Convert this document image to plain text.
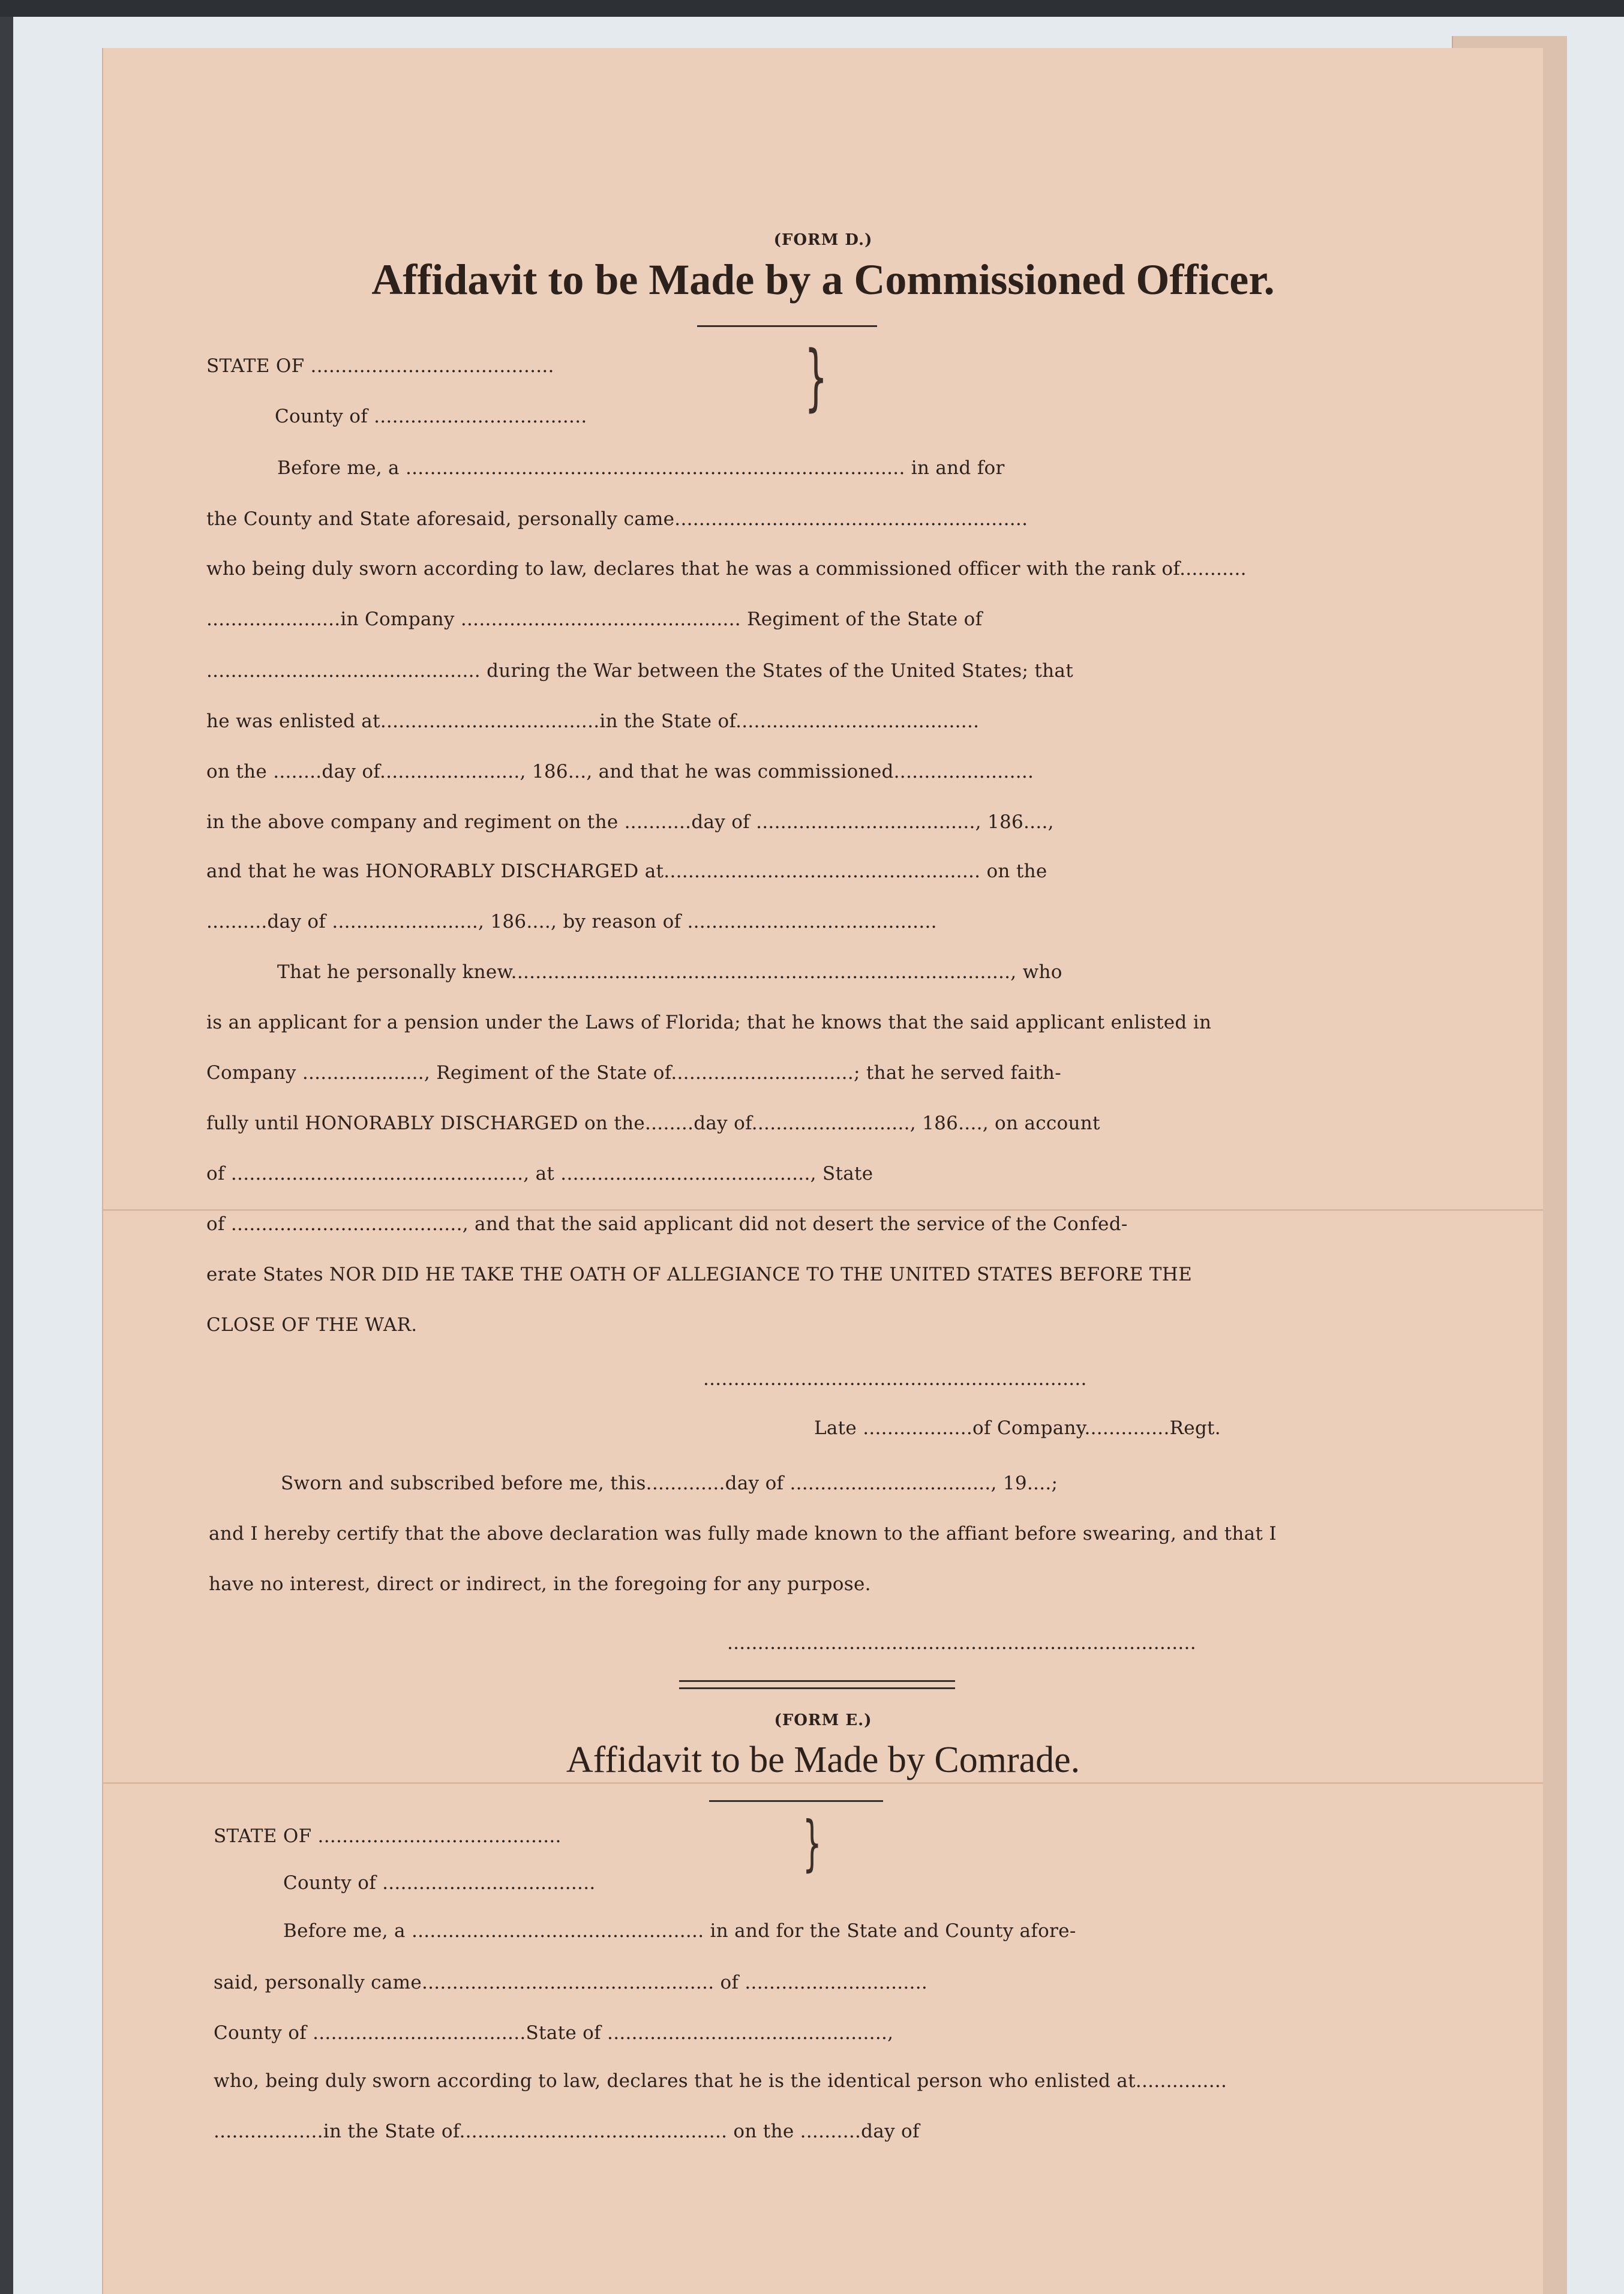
(FORM D.)
Affidavit to be Made by a Commissioned Officer.
STATE OF ........................................
County of ...................................	}
Before me, a .................................................................................. in and for
the County and State aforesaid, personally came..........................................................
who being duly sworn according to law, declares that he was a commissioned officer with the rank of...........
......................in Company .............................................. Regiment of the State of
............................................. during the War between the States of the United States; that
he was enlisted at....................................in the State of........................................
on the ........day of......................., 186..., and that he was commissioned.......................
in the above company and regiment on the ...........day of ...................................., 186....,
and that he was HONORABLY DISCHARGED at.................................................... on the
..........day of ........................, 186...., by reason of .........................................
That he personally knew.................................................................................., who
is an applicant for a pension under the Laws of Florida; that he knows that the said applicant enlisted in
Company ...................., Regiment of the State of..............................; that he served faith-
fully until HONORABLY DISCHARGED on the........day of.........................., 186...., on account
of ................................................, at ........................................., State
of ......................................, and that the said applicant did not desert the service of the Confed-
erate States NOR DID HE TAKE THE OATH OF ALLEGIANCE TO THE UNITED STATES BEFORE THE
CLOSE OF THE WAR.
...............................................................
Late ..................of Company..............Regt.
Sworn and subscribed before me, this.............day of ................................., 19....;
and I hereby certify that the above declaration was fully made known to the affiant before swearing, and that I
have no interest, direct or indirect, in the foregoing for any purpose.
.............................................................................
(FORM E.)
Affidavit to be Made by Comrade.
STATE OF ........................................
County of ...................................
}
Before me, a ................................................ in and for the State and County afore-
said, personally came................................................ of ..............................
County of ...................................State of ..............................................,
who, being duly sworn according to law, declares that he is the identical person who enlisted at...............
..................in the State of............................................ on the ..........day of
